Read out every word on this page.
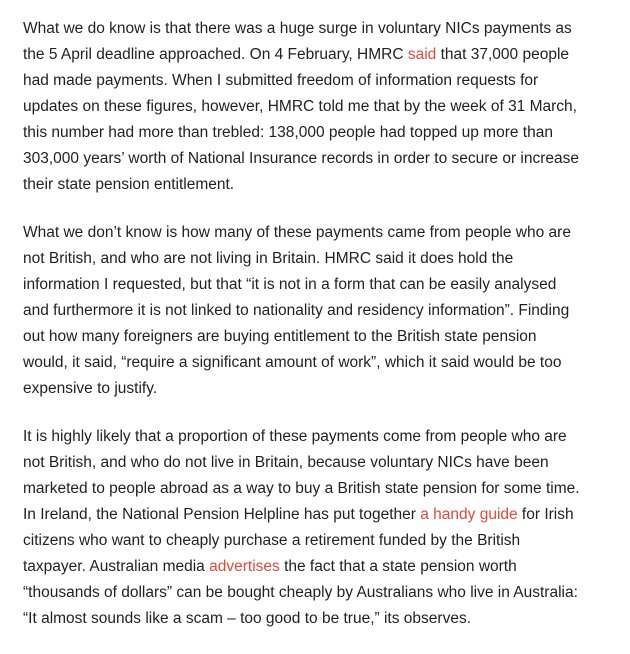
What we do know is that there was a huge surge in voluntary NICs payments as the 5 April deadline approached. On 4 February, HMRC said that 37,000 people had made payments. When I submitted freedom of information requests for updates on these figures, however, HMRC told me that by the week of 31 March, this number had more than trebled: 138,000 people had topped up more than 303,000 years’ worth of National Insurance records in order to secure or increase their state pension entitlement.

What we don’t know is how many of these payments came from people who are not British, and who are not living in Britain. HMRC said it does hold the information I requested, but that “it is not in a form that can be easily analysed and furthermore it is not linked to nationality and residency information”. Finding out how many foreigners are buying entitlement to the British state pension would, it said, “require a significant amount of work”, which it said would be too expensive to justify.

It is highly likely that a proportion of these payments come from people who are not British, and who do not live in Britain, because voluntary NICs have been marketed to people abroad as a way to buy a British state pension for some time. In Ireland, the National Pension Helpline has put together a handy guide for Irish citizens who want to cheaply purchase a retirement funded by the British taxpayer. Australian media advertises the fact that a state pension worth “thousands of dollars” can be bought cheaply by Australians who live in Australia: “It almost sounds like a scam – too good to be true,” its observes.
